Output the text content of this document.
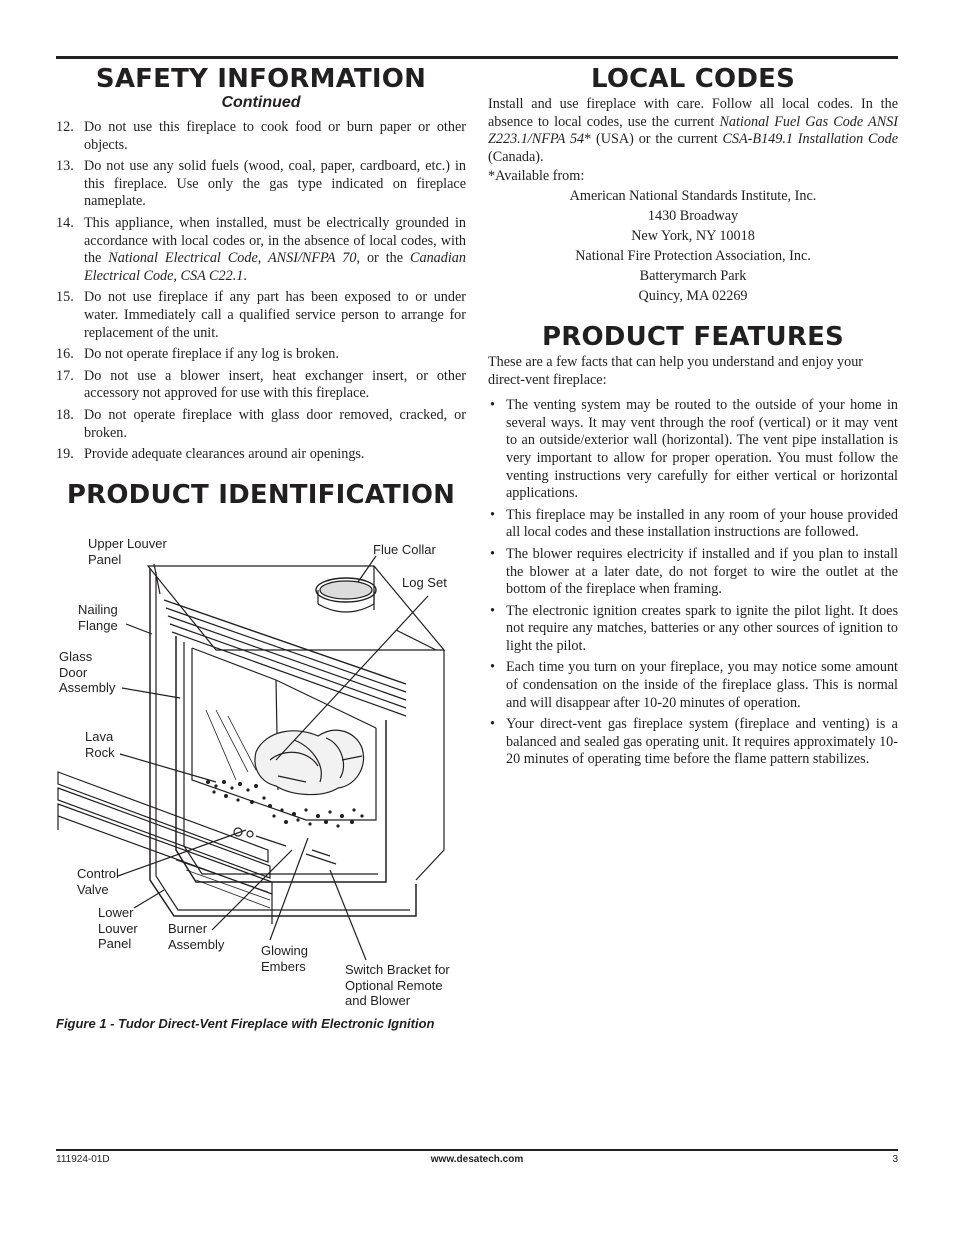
SAFETY INFORMATION
Continued
12. Do not use this fireplace to cook food or burn paper or other objects.
13. Do not use any solid fuels (wood, coal, paper, cardboard, etc.) in this fireplace. Use only the gas type indicated on fireplace nameplate.
14. This appliance, when installed, must be electrically grounded in accordance with local codes or, in the absence of local codes, with the National Electrical Code, ANSI/NFPA 70, or the Canadian Electrical Code, CSA C22.1.
15. Do not use fireplace if any part has been exposed to or under water. Immediately call a qualified service person to arrange for replacement of the unit.
16. Do not operate fireplace if any log is broken.
17. Do not use a blower insert, heat exchanger insert, or other accessory not approved for use with this fireplace.
18. Do not operate fireplace with glass door removed, cracked, or broken.
19. Provide adequate clearances around air openings.
PRODUCT IDENTIFICATION
Upper Louver
Panel
Flue Collar
Log Set
Nailing
Flange
Glass
Door
Assembly
Lava
Rock
Control
Valve
Lower
Louver
Panel
Burner
Assembly	Glowing
Embers	Switch Bracket for
Optional Remote
and Blower
Figure 1 - Tudor Direct-Vent Fireplace with Electronic Ignition
LOCAL CODES
Install and use fireplace with care. Follow all local codes. In the absence to local codes, use the current National Fuel Gas Code ANSI Z223.1/NFPA 54* (USA) or the current CSA-B149.1 Installation Code (Canada).
*Available from:

American National Standards Institute, Inc.

1430 Broadway

New York, NY 10018

National Fire Protection Association, Inc.

Batterymarch Park

Quincy, MA 02269

PRODUCT FEATURES
These are a few facts that can help you understand and enjoy your direct-vent fireplace:
• The venting system may be routed to the outside of your home in several ways. It may vent through the roof (vertical) or it may vent to an outside/exterior wall (horizontal). The vent pipe installation is very important to allow for proper operation. You must follow the venting instructions very carefully for either vertical or horizontal applications.
• This fireplace may be installed in any room of your house provided all local codes and these installation instructions are followed.
• The blower requires electricity if installed and if you plan to install the blower at a later date, do not forget to wire the outlet at the bottom of the fireplace when framing.
• The electronic ignition creates spark to ignite the pilot light. It does not require any matches, batteries or any other sources of ignition to light the pilot.
• Each time you turn on your fireplace, you may notice some amount of condensation on the inside of the fireplace glass. This is normal and will disappear after 10-20 minutes of operation.
• Your direct-vent gas fireplace system (fireplace and venting) is a balanced and sealed gas operating unit. It requires approximately 10-20 minutes of operating time before the flame pattern stabilizes.
111924-01D	www.desatech.com	3
